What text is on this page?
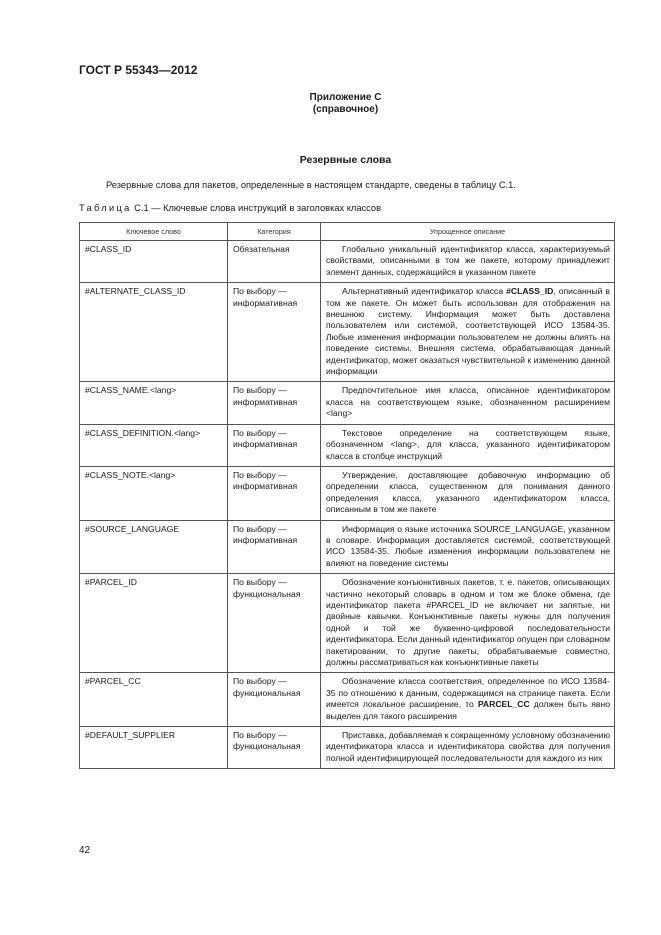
ГОСТ Р 55343—2012
Приложение С
(справочное)
Резервные слова
Резервные слова для пакетов, определенные в настоящем стандарте, сведены в таблицу С.1.
Таблица С.1 — Ключевые слова инструкций в заголовках классов
Ключевое слово	Категория	Упрощенное описание
#CLASS_ID	Обязательная	Глобально уникальный идентификатор класса, характеризуемый свойствами, описанными в том же пакете, которому принадлежит элемент данных, содержащийся в указанном пакете
#ALTERNATE_CLASS_ID	По выбору — информативная	Альтернативный идентификатор класса #CLASS_ID, описанный в том же пакете. Он может быть использован для отображения на внешнюю систему. Информация может быть доставлена пользователем или системой, соответствующей ИСО 13584-35. Любые изменения информации пользователем не должны влиять на поведение системы. Внешняя система, обрабатывающая данный идентификатор, может оказаться чувствительной к изменению данной информации
#CLASS_NAME.<lang>	По выбору — информативная	Предпочтительное имя класса, описанное идентификатором класса на соответствующем языке, обозначенном расширением <lang>
#CLASS_DEFINITION.<lang>	По выбору — информативная	Текстовое определение на соответствующем языке, обозначенном <lang>, для класса, указанного идентификатором класса в столбце инструкций
#CLASS_NOTE.<lang>	По выбору — информативная	Утверждение, доставляющее добавочную информацию об определении класса, существенном для понимания данного определения класса, указанного идентификатором класса, описанным в том же пакете
#SOURCE_LANGUAGE	По выбору — информативная	Информация о языке источника SOURCE_LANGUAGE, указанном в словаре. Информация доставляется системой, соответствующей ИСО 13584-35. Любые изменения информации пользователем не влияют на поведение системы
#PARCEL_ID	По выбору — функциональная	Обозначение конъюнктивных пакетов, т. е. пакетов, описывающих частично некоторый словарь в одном и том же блоке обмена, где идентификатор пакета #PARCEL_ID не включает ни запятые, ни двойные кавычки. Конъюнктивные пакеты нужны для получения одной и той же буквенно-цифровой последовательности идентификатора. Если данный идентификатор опущен при словарном пакетировании, то другие пакеты, обрабатываемые совместно, должны рассматриваться как конъюнктивные пакеты
#PARCEL_CC	По выбору — функциональная	Обозначение класса соответствия, определенное по ИСО 13584-35 по отношению к данным, содержащимся на странице пакета. Если имеется локальное расширение, то PARCEL_CC должен быть явно выделен для такого расширения
#DEFAULT_SUPPLIER	По выбору — функциональная	Приставка, добавляемая к сокращенному условному обозначению идентификатора класса и идентификатора свойства для получения полной идентифицирующей последовательности для каждого из них
42
